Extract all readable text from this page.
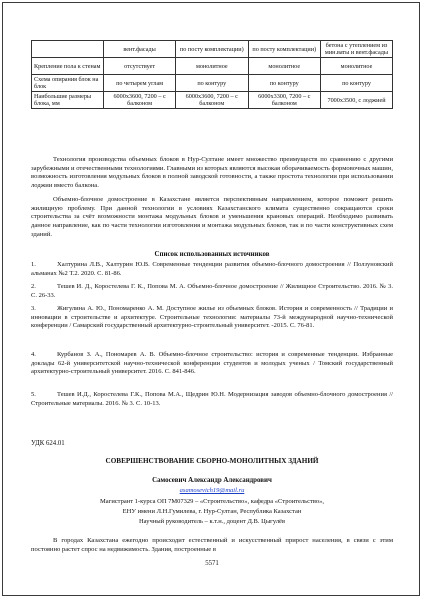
	вент.фасады	по посту комплектации)	по посту комплектации)	бетона с утеплением из мин.ваты и вент.фасады
Крепление пола к стенам	отсутствует	монолитное	монолитное	монолитное
Схема опирания блок на блок	по четырем углам	по контуру	по контуру	по контуру
Наибольшие размеры блока, мм	6000х3600, 7200 – с балконом	6000х3600, 7200 – с балконом	6000х3300, 7200 – с балконом	7000х3500, с лоджией

Технология производства объемных блоков в Нур-Султане имеет множество преимуществ по сравнению с другими зарубежными и отечественными технологиями. Главными из которых являются высокая оборачиваемость формовочных машин, возможность изготовления модульных блоков в полной заводской готовности, а также простота технологии при использовании лоджии вместо балкона.

Объемно-блочное домостроение в Казахстане является перспективным направлением, которое поможет решить жилищную проблему. При данной технологии в условиях Казахстанского климата существенно сокращаются сроки строительства за счёт возможности монтажа модульных блоков и уменьшения крановых операций. Необходимо развивать данное направление, как по части технологии изготовления и монтажа модульных блоков, так и по части конструктивных схем зданий.

Список использованных источников

1.	Халтурина Л.В., Халтурин Ю.В. Современные тенденции развития объемно-блочного домостроения // Ползуновский альманах №2 Т.2. 2020. С. 81-86.

2.	Тешев И. Д., Коростелева Г. К., Попова М. А. Объемно-блочное домостроение // Жилищное Строительство. 2016. № 3. С. 26-33.

3.	Жигулина А. Ю., Пономаренко А. М. Доступное жилье из объемных блоков. История и современность // Традиции и инновации в строительстве и архитектуре. Строительные технологии: материалы 73-й международной научно-технической конференции / Самарский государственный архитектурно-строительный университет. -2015. С. 76-81.

4.	Курбанов З. А., Пономарев А. В. Объемно-блочное строительство: история и современные тенденции. Избранные доклады 62-й университетской научно-технической конференции студентов и молодых ученых / Томский государственный архитектурно-строительный университет. 2016. С. 841-846.

5.	Тешев И.Д., Коростелева Г.К., Попова М.А., Щедрин Ю.Н. Модернизация заводов объемно-блочного домостроения // Строительные материалы. 2016. № 3. С. 10-13.

УДК 624.01
СОВЕРШЕНСТВОВАНИЕ СБОРНО-МОНОЛИТНЫХ ЗДАНИЙ
Самосевич Александр Александрович
asamosevich19@mail.ru
Магистрант 1-курса ОП 7М07329 – «Строительство», кафедра «Строительство»,
ЕНУ имени Л.Н.Гумилева, г. Нур-Султан, Республика Казахстан
Научный руководитель – к.т.н., доцент Д.В. Цыгулёв

В городах Казахстана ежегодно происходит естественный и искусственный прирост населения, в связи с этим постоянно растет спрос на недвижимость. Здания, построенные в

5571
